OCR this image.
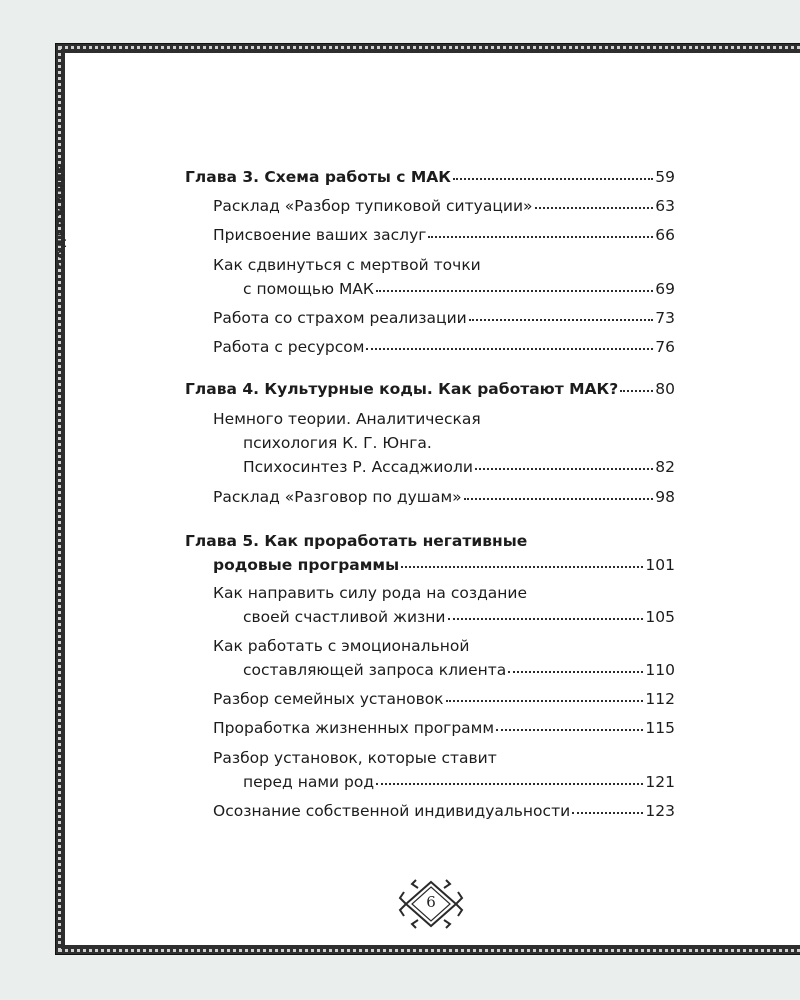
СОДЕРЖАНИЕ	Глава 3. Схема работы с МАК	59
Расклад «Разбор тупиковой ситуации»	63
Присвоение ваших заслуг	66
Как сдвинуться с мертвой точки
с помощью МАК	69
Работа со страхом реализации	73
Работа с ресурсом	76
Глава 4. Культурные коды. Как работают МАК? 80
Немного теории. Аналитическая
психология К. Г. Юнга.
Психосинтез Р. Ассаджиоли	82
Расклад «Разговор по душам»	98
Глава 5. Как проработать негативные
родовые программы	101
Как направить силу рода на создание
своей счастливой жизни	105
Как работать с эмоциональной
составляющей запроса клиента	110
Разбор семейных установок	112
Проработка жизненных программ	115
Разбор установок, которые ставит
перед нами род	121
Осознание собственной индивидуальности	123
6
